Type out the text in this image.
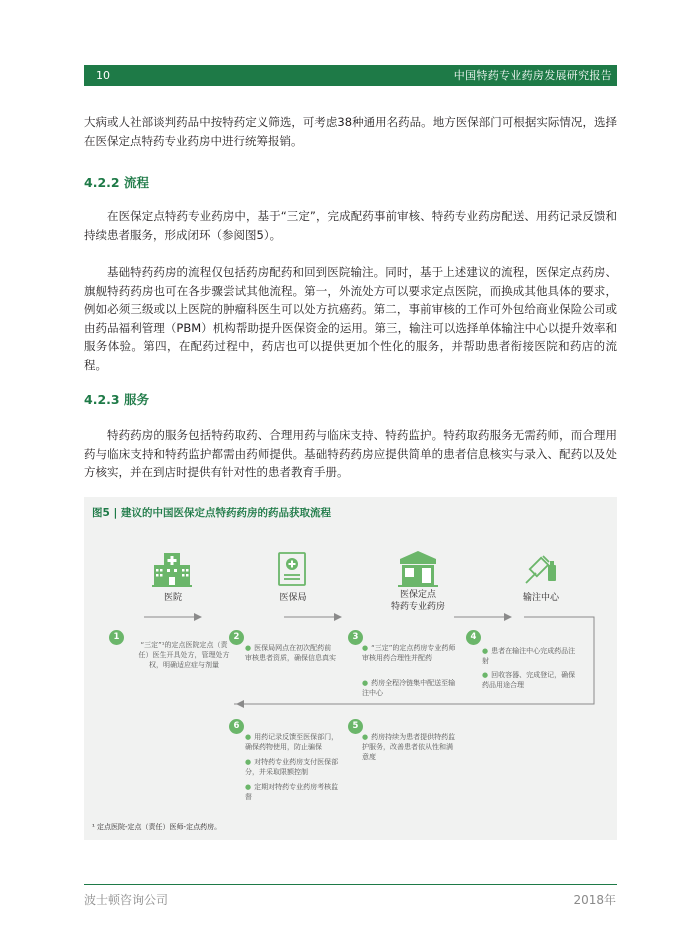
10	中国特药专业药房发展研究报告

大病或人社部谈判药品中按特药定义筛选，可考虑38种通用名药品。地方医保部门可根据实际情况，选择在医保定点特药专业药房中进行统筹报销。

4.2.2 流程

在医保定点特药专业药房中，基于“三定”，完成配药事前审核、特药专业药房配送、用药记录反馈和持续患者服务，形成闭环（参阅图5）。

基础特药药房的流程仅包括药房配药和回到医院输注。同时，基于上述建议的流程，医保定点药房、旗舰特药药房也可在各步骤尝试其他流程。第一，外流处方可以要求定点医院，而换成其他具体的要求，例如必须三级或以上医院的肿瘤科医生可以处方抗癌药。第二，事前审核的工作可外包给商业保险公司或由药品福利管理（PBM）机构帮助提升医保资金的运用。第三，输注可以选择单体输注中心以提升效率和服务体验。第四，在配药过程中，药店也可以提供更加个性化的服务，并帮助患者衔接医院和药店的流程。

4.2.3 服务

特药药房的服务包括特药取药、合理用药与临床支持、特药监护。特药取药服务无需药师，而合理用药与临床支持和特药监护都需由药师提供。基础特药药房应提供简单的患者信息核实与录入、配药以及处方核实，并在到店时提供有针对性的患者教育手册。

图5 | 建议的中国医保定点特药药房的药品获取流程
医院	医保局	医保定点
特药专业药房
输注中心
1
“三定”¹的定点医院定点（责任）医生开具处方，管理处方权，明确适应症与剂量
2
● 医保局网点在初次配药前审核患者资质，确保信息真实
3
● “三定”的定点药房专业药师审核用药合理性并配药
● 药房全程冷链集中配送至输注中心
4
● 患者在输注中心完成药品注射
● 回收容器、完成登记，确保药品用途合理
5
● 药房持续为患者提供特药监护服务，改善患者依从性和满意度
6
● 用药记录反馈至医保部门，确保药物使用，防止骗保
● 对特药专业药房支付医保部分，并采取限额控制
● 定期对特药专业药房考核监督
¹ 定点医院-定点（责任）医师-定点药房。
波士顿咨询公司	2018年
